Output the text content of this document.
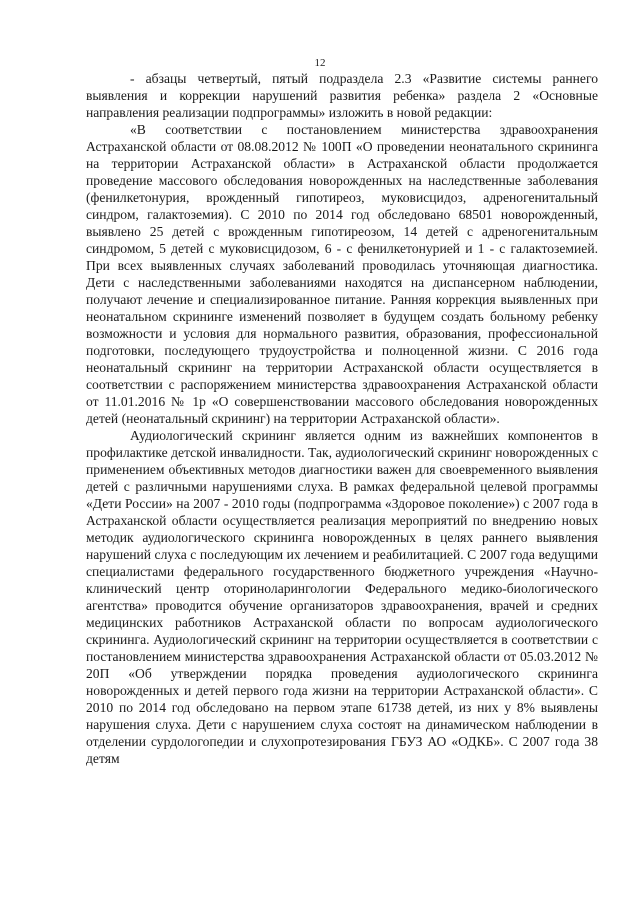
12

- абзацы четвертый, пятый подраздела 2.3 «Развитие системы раннего выявления и коррекции нарушений развития ребенка» раздела 2 «Основные направления реализации подпрограммы» изложить в новой редакции:

«В соответствии с постановлением министерства здравоохранения Астраханской области от 08.08.2012 № 100П «О проведении неонатального скрининга на территории Астраханской области» в Астраханской области продолжается проведение массового обследования новорожденных на наследственные заболевания (фенилкетонурия, врожденный гипотиреоз, муковисцидоз, адреногенитальный синдром, галактоземия). С 2010 по 2014 год обследовано 68501 новорожденный, выявлено 25 детей с врожденным гипотиреозом, 14 детей с адреногенитальным синдромом, 5 детей с муковисцидозом, 6 - с фенилкетонурией и 1 - с галактоземией. При всех выявленных случаях заболеваний проводилась уточняющая диагностика. Дети с наследственными заболеваниями находятся на диспансерном наблюдении, получают лечение и специализированное питание. Ранняя коррекция выявленных при неонатальном скрининге изменений позволяет в будущем создать больному ребенку возможности и условия для нормального развития, образования, профессиональной подготовки, последующего трудоустройства и полноценной жизни. С 2016 года неонатальный скрининг на территории Астраханской области осуществляется в соответствии с распоряжением министерства здравоохранения Астраханской области от 11.01.2016 № 1р «О совершенствовании массового обследования новорожденных детей (неонатальный скрининг) на территории Астраханской области».

Аудиологический скрининг является одним из важнейших компонентов в профилактике детской инвалидности. Так, аудиологический скрининг новорожденных с применением объективных методов диагностики важен для своевременного выявления детей с различными нарушениями слуха. В рамках федеральной целевой программы «Дети России» на 2007 - 2010 годы (подпрограмма «Здоровое поколение») с 2007 года в Астраханской области осуществляется реализация мероприятий по внедрению новых методик аудиологического скрининга новорожденных в целях раннего выявления нарушений слуха с последующим их лечением и реабилитацией. С 2007 года ведущими специалистами федерального государственного бюджетного учреждения «Научно-клинический центр оториноларингологии Федерального медико-биологического агентства» проводится обучение организаторов здравоохранения, врачей и средних медицинских работников Астраханской области по вопросам аудиологического скрининга. Аудиологический скрининг на территории осуществляется в соответствии с постановлением министерства здравоохранения Астраханской области от 05.03.2012 № 20П «Об утверждении порядка проведения аудиологического скрининга новорожденных и детей первого года жизни на территории Астраханской области». С 2010 по 2014 год обследовано на первом этапе 61738 детей, из них у 8% выявлены нарушения слуха. Дети с нарушением слуха состоят на динамическом наблюдении в отделении сурдологопедии и слухопротезирования ГБУЗ АО «ОДКБ». С 2007 года 38 детям
